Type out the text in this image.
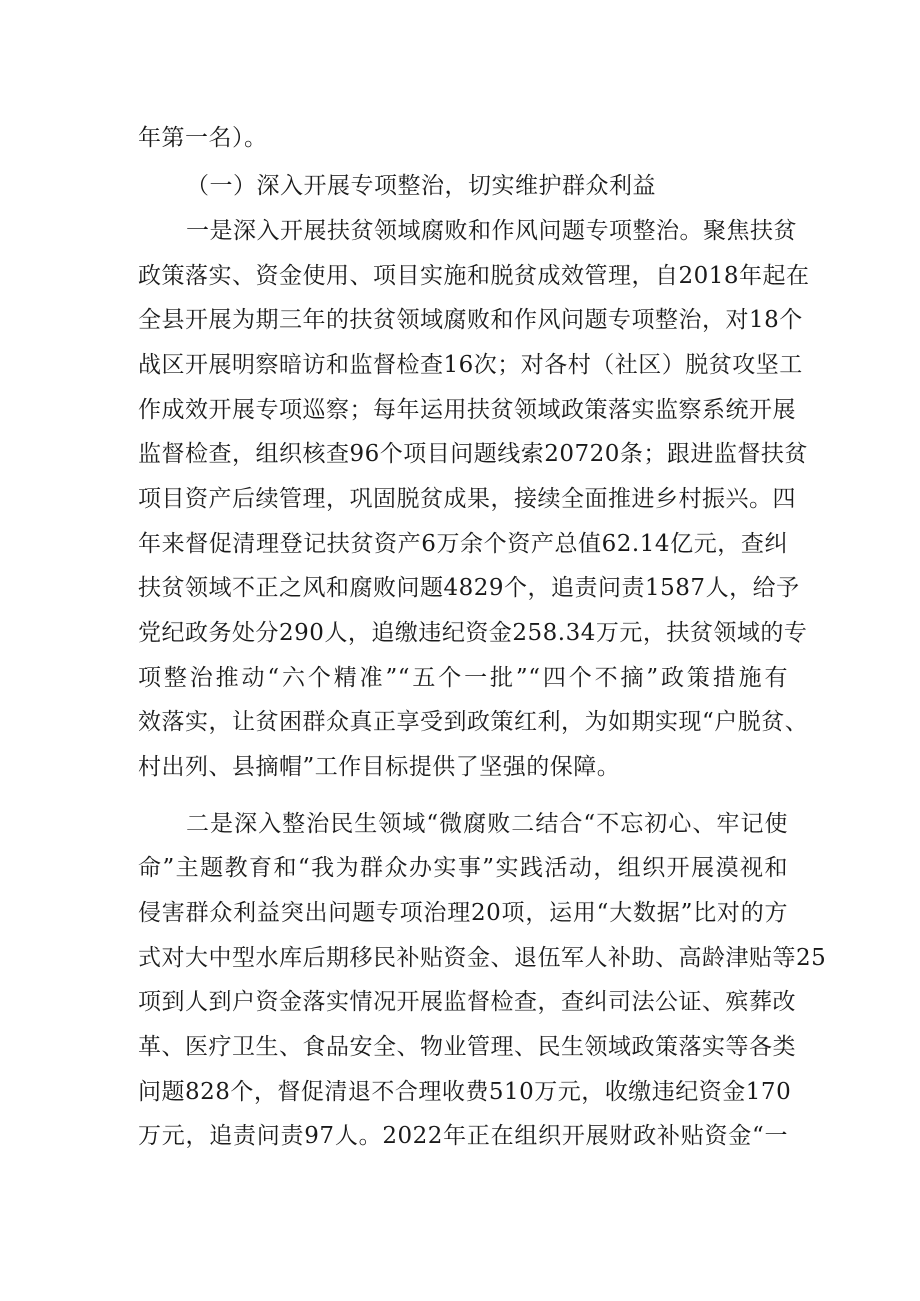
年第一名）。
（一）深入开展专项整治，切实维护群众利益
一是深入开展扶贫领域腐败和作风问题专项整治。聚焦扶贫
政策落实、资金使用、项目实施和脱贫成效管理，自2018年起在
全县开展为期三年的扶贫领域腐败和作风问题专项整治，对18个
战区开展明察暗访和监督检查16次；对各村（社区）脱贫攻坚工
作成效开展专项巡察；每年运用扶贫领域政策落实监察系统开展
监督检查，组织核查96个项目问题线索20720条；跟进监督扶贫
项目资产后续管理，巩固脱贫成果，接续全面推进乡村振兴。四
年来督促清理登记扶贫资产6万余个资产总值62.14亿元，查纠
扶贫领域不正之风和腐败问题4829个，追责问责1587人，给予
党纪政务处分290人，追缴违纪资金258.34万元，扶贫领域的专
项整治推动“六个精准”“五个一批”“四个不摘”政策措施有
效落实，让贫困群众真正享受到政策红利，为如期实现“户脱贫、
村出列、县摘帽”工作目标提供了坚强的保障。
二是深入整治民生领域“微腐败二结合“不忘初心、牢记使
命”主题教育和“我为群众办实事”实践活动，组织开展漠视和
侵害群众利益突出问题专项治理20项，运用“大数据”比对的方
式对大中型水库后期移民补贴资金、退伍军人补助、高龄津贴等25
项到人到户资金落实情况开展监督检查，查纠司法公证、殡葬改
革、医疗卫生、食品安全、物业管理、民生领域政策落实等各类
问题828个，督促清退不合理收费510万元，收缴违纪资金170
万元，追责问责97人。2022年正在组织开展财政补贴资金“一
